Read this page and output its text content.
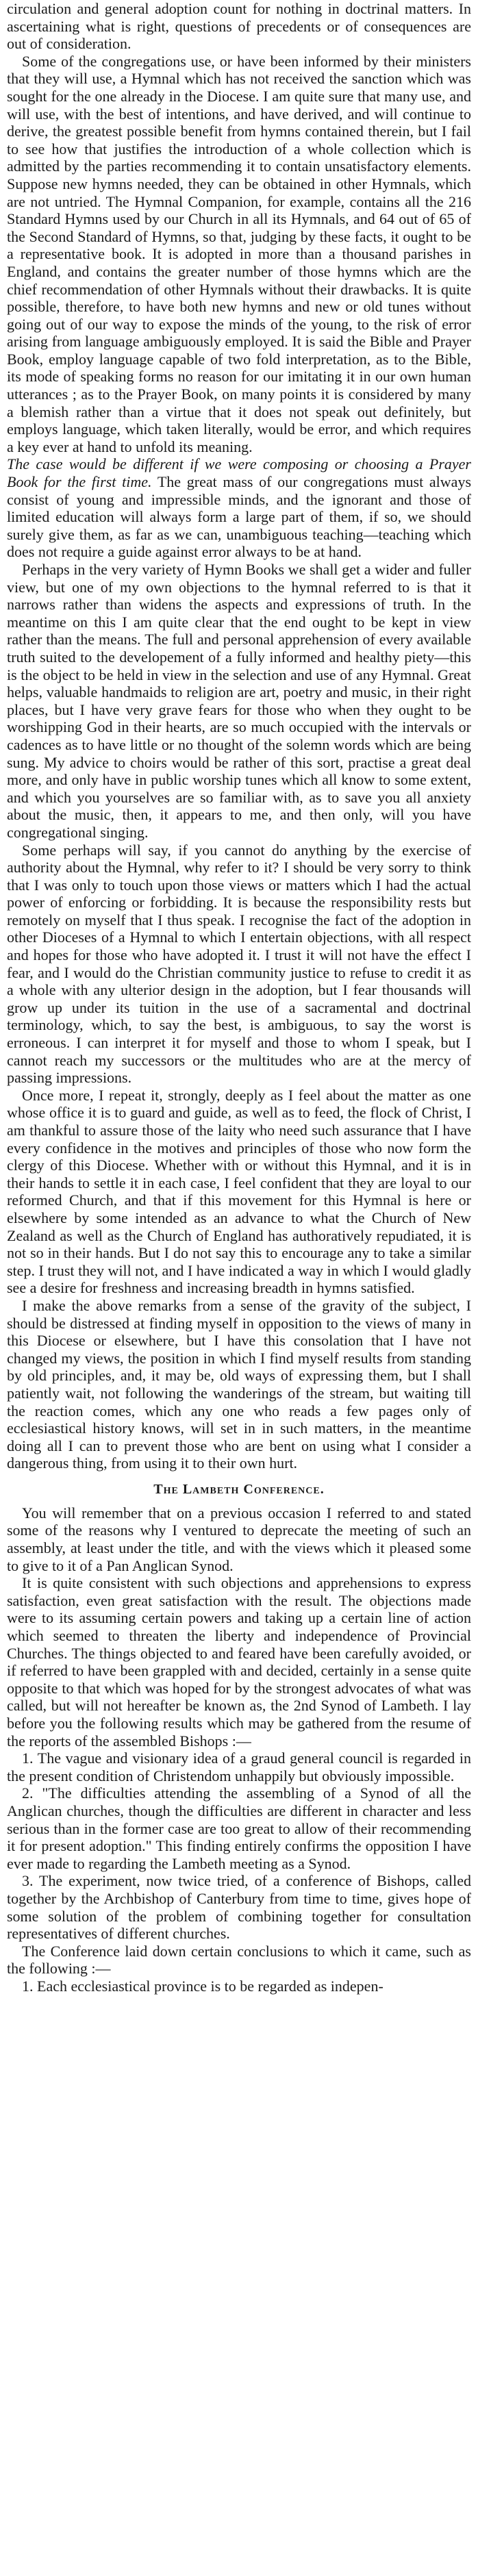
circulation and general adoption count for nothing in doctrinal matters. In ascertaining what is right, questions of precedents or of consequences are out of consideration.

Some of the congregations use, or have been informed by their ministers that they will use, a Hymnal which has not received the sanction which was sought for the one already in the Diocese. I am quite sure that many use, and will use, with the best of intentions, and have derived, and will continue to derive, the greatest possible benefit from hymns contained therein, but I fail to see how that justifies the introduction of a whole collection which is admitted by the parties recommending it to contain unsatisfactory elements. Suppose new hymns needed, they can be obtained in other Hymnals, which are not untried. The Hymnal Companion, for example, contains all the 216 Standard Hymns used by our Church in all its Hymnals, and 64 out of 65 of the Second Standard of Hymns, so that, judging by these facts, it ought to be a representative book. It is adopted in more than a thousand parishes in England, and contains the greater number of those hymns which are the chief recommendation of other Hymnals without their drawbacks. It is quite possible, therefore, to have both new hymns and new or old tunes without going out of our way to expose the minds of the young, to the risk of error arising from language ambiguously employed. It is said the Bible and Prayer Book, employ language capable of two fold interpretation, as to the Bible, its mode of speaking forms no reason for our imitating it in our own human utterances ; as to the Prayer Book, on many points it is considered by many a blemish rather than a virtue that it does not speak out definitely, but employs language, which taken literally, would be error, and which requires a key ever at hand to unfold its meaning.

The case would be different if we were composing or choosing a Prayer Book for the first time. The great mass of our congregations must always consist of young and impressible minds, and the ignorant and those of limited education will always form a large part of them, if so, we should surely give them, as far as we can, unambiguous teaching—teaching which does not require a guide against error always to be at hand.

Perhaps in the very variety of Hymn Books we shall get a wider and fuller view, but one of my own objections to the hymnal referred to is that it narrows rather than widens the aspects and expressions of truth. In the meantime on this I am quite clear that the end ought to be kept in view rather than the means. The full and personal apprehension of every available truth suited to the developement of a fully informed and healthy piety—this is the object to be held in view in the selection and use of any Hymnal. Great helps, valuable handmaids to religion are art, poetry and music, in their right places, but I have very grave fears for those who when they ought to be worshipping God in their hearts, are so much occupied with the intervals or cadences as to have little or no thought of the solemn words which are being sung. My advice to choirs would be rather of this sort, practise a great deal more, and only have in public worship tunes which all know to some extent, and which you yourselves are so familiar with, as to save you all anxiety about the music, then, it appears to me, and then only, will you have congregational singing.

Some perhaps will say, if you cannot do anything by the exercise of authority about the Hymnal, why refer to it? I should be very sorry to think that I was only to touch upon those views or matters which I had the actual power of enforcing or forbidding. It is because the responsibility rests but remotely on myself that I thus speak. I recognise the fact of the adoption in other Dioceses of a Hymnal to which I entertain objections, with all respect and hopes for those who have adopted it. I trust it will not have the effect I fear, and I would do the Christian community justice to refuse to credit it as a whole with any ulterior design in the adoption, but I fear thousands will grow up under its tuition in the use of a sacramental and doctrinal terminology, which, to say the best, is ambiguous, to say the worst is erroneous. I can interpret it for myself and those to whom I speak, but I cannot reach my successors or the multitudes who are at the mercy of passing impressions.

Once more, I repeat it, strongly, deeply as I feel about the matter as one whose office it is to guard and guide, as well as to feed, the flock of Christ, I am thankful to assure those of the laity who need such assurance that I have every confidence in the motives and principles of those who now form the clergy of this Diocese. Whether with or without this Hymnal, and it is in their hands to settle it in each case, I feel confident that they are loyal to our reformed Church, and that if this movement for this Hymnal is here or elsewhere by some intended as an advance to what the Church of New Zealand as well as the Church of England has authoratively repudiated, it is not so in their hands. But I do not say this to encourage any to take a similar step. I trust they will not, and I have indicated a way in which I would gladly see a desire for freshness and increasing breadth in hymns satisfied.

I make the above remarks from a sense of the gravity of the subject, I should be distressed at finding myself in opposition to the views of many in this Diocese or elsewhere, but I have this consolation that I have not changed my views, the position in which I find myself results from standing by old principles, and, it may be, old ways of expressing them, but I shall patiently wait, not following the wanderings of the stream, but waiting till the reaction comes, which any one who reads a few pages only of ecclesiastical history knows, will set in in such matters, in the meantime doing all I can to prevent those who are bent on using what I consider a dangerous thing, from using it to their own hurt.

The Lambeth Conference.

You will remember that on a previous occasion I referred to and stated some of the reasons why I ventured to deprecate the meeting of such an assembly, at least under the title, and with the views which it pleased some to give to it of a Pan Anglican Synod.

It is quite consistent with such objections and apprehensions to express satisfaction, even great satisfaction with the result. The objections made were to its assuming certain powers and taking up a certain line of action which seemed to threaten the liberty and independence of Provincial Churches. The things objected to and feared have been carefully avoided, or if referred to have been grappled with and decided, certainly in a sense quite opposite to that which was hoped for by the strongest advocates of what was called, but will not hereafter be known as, the 2nd Synod of Lambeth. I lay before you the following results which may be gathered from the resume of the reports of the assembled Bishops :—

1. The vague and visionary idea of a graud general council is regarded in the present condition of Christendom unhappily but obviously impossible.

2. "The difficulties attending the assembling of a Synod of all the Anglican churches, though the difficulties are different in character and less serious than in the former case are too great to allow of their recommending it for present adoption." This finding entirely confirms the opposition I have ever made to regarding the Lambeth meeting as a Synod.

3. The experiment, now twice tried, of a conference of Bishops, called together by the Archbishop of Canterbury from time to time, gives hope of some solution of the problem of combining together for consultation representatives of different churches.

The Conference laid down certain conclusions to which it came, such as the following :—

1. Each ecclesiastical province is to be regarded as indepen-
